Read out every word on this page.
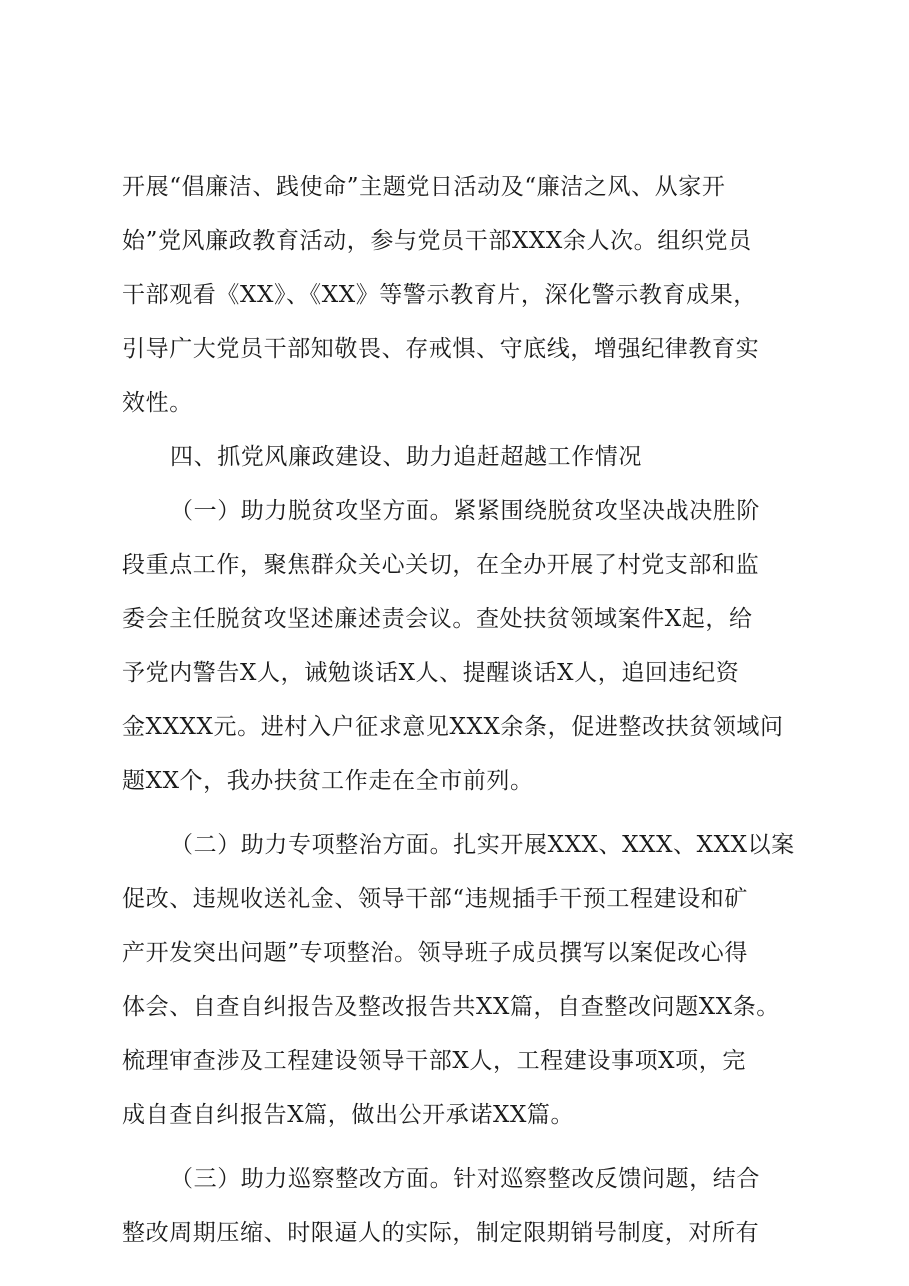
开展“倡廉洁、践使命”主题党日活动及“廉洁之风、从家开
始”党风廉政教育活动，参与党员干部XXX余人次。组织党员
干部观看《XX》、《XX》等警示教育片，深化警示教育成果，
引导广大党员干部知敬畏、存戒惧、守底线，增强纪律教育实
效性。
四、抓党风廉政建设、助力追赶超越工作情况
（一）助力脱贫攻坚方面。紧紧围绕脱贫攻坚决战决胜阶
段重点工作，聚焦群众关心关切，在全办开展了村党支部和监
委会主任脱贫攻坚述廉述责会议。查处扶贫领域案件X起，给
予党内警告X人，诫勉谈话X人、提醒谈话X人，追回违纪资
金XXXX元。进村入户征求意见XXX余条，促进整改扶贫领域问
题XX个，我办扶贫工作走在全市前列。
（二）助力专项整治方面。扎实开展XXX、XXX、XXX以案
促改、违规收送礼金、领导干部“违规插手干预工程建设和矿
产开发突出问题”专项整治。领导班子成员撰写以案促改心得
体会、自查自纠报告及整改报告共XX篇，自查整改问题XX条。
梳理审查涉及工程建设领导干部X人，工程建设事项X项，完
成自查自纠报告X篇，做出公开承诺XX篇。
（三）助力巡察整改方面。针对巡察整改反馈问题，结合
整改周期压缩、时限逼人的实际，制定限期销号制度，对所有
